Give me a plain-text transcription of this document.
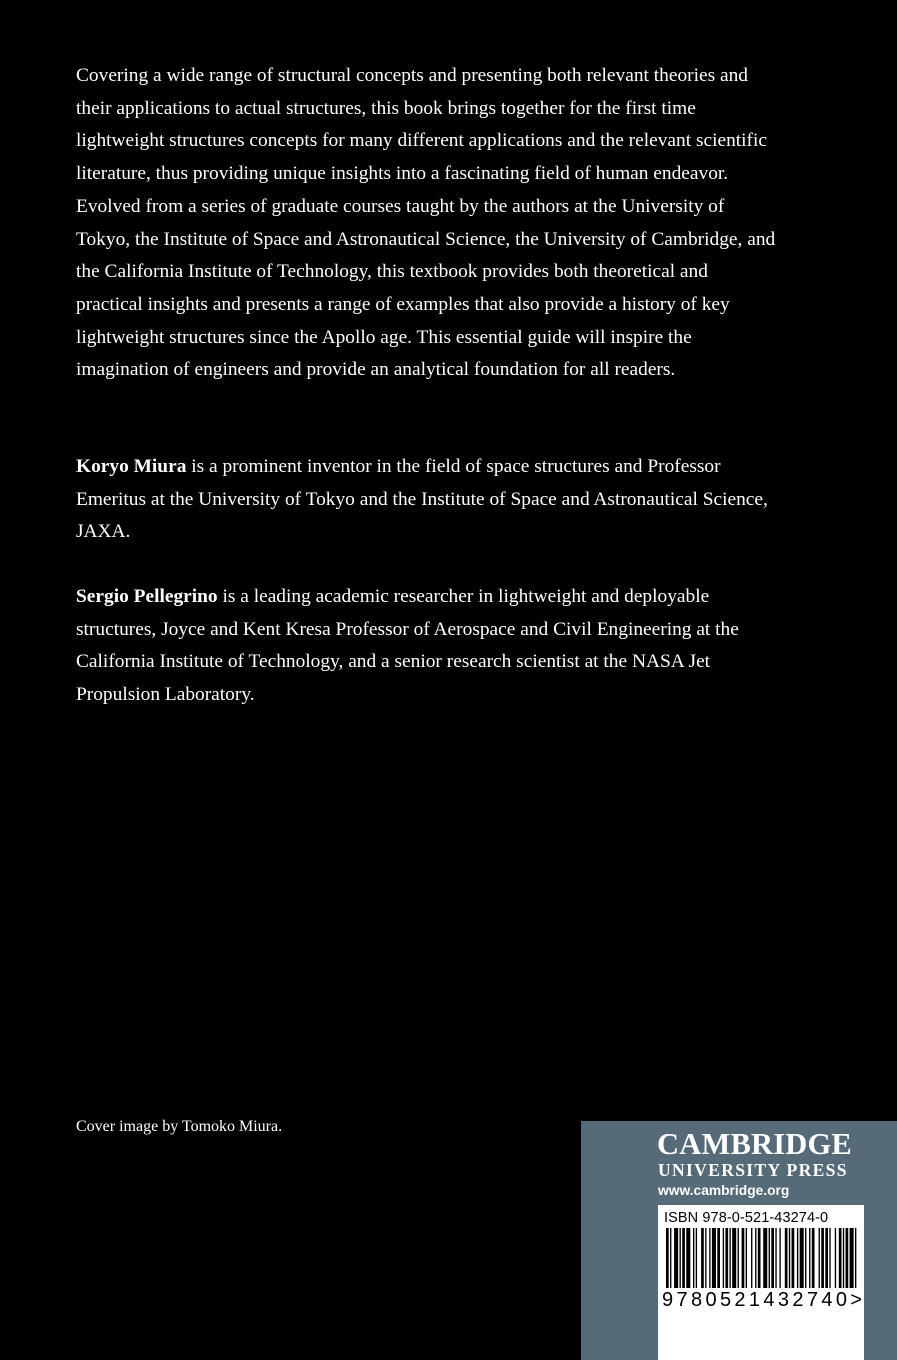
Covering a wide range of structural concepts and presenting both relevant theories and their applications to actual structures, this book brings together for the first time lightweight structures concepts for many different applications and the relevant scientific literature, thus providing unique insights into a fascinating field of human endeavor. Evolved from a series of graduate courses taught by the authors at the University of Tokyo, the Institute of Space and Astronautical Science, the University of Cambridge, and the California Institute of Technology, this textbook provides both theoretical and practical insights and presents a range of examples that also provide a history of key lightweight structures since the Apollo age. This essential guide will inspire the imagination of engineers and provide an analytical foundation for all readers.

Koryo Miura is a prominent inventor in the field of space structures and Professor Emeritus at the University of Tokyo and the Institute of Space and Astronautical Science, JAXA.

Sergio Pellegrino is a leading academic researcher in lightweight and deployable structures, Joyce and Kent Kresa Professor of Aerospace and Civil Engineering at the California Institute of Technology, and a senior research scientist at the NASA Jet Propulsion Laboratory.

Cover image by Tomoko Miura.

CAMBRIDGE
UNIVERSITY PRESS
www.cambridge.org
ISBN 978-0-521-43274-0
9 7 8 0 5 2 1 4 3 2 7 4 0 >
